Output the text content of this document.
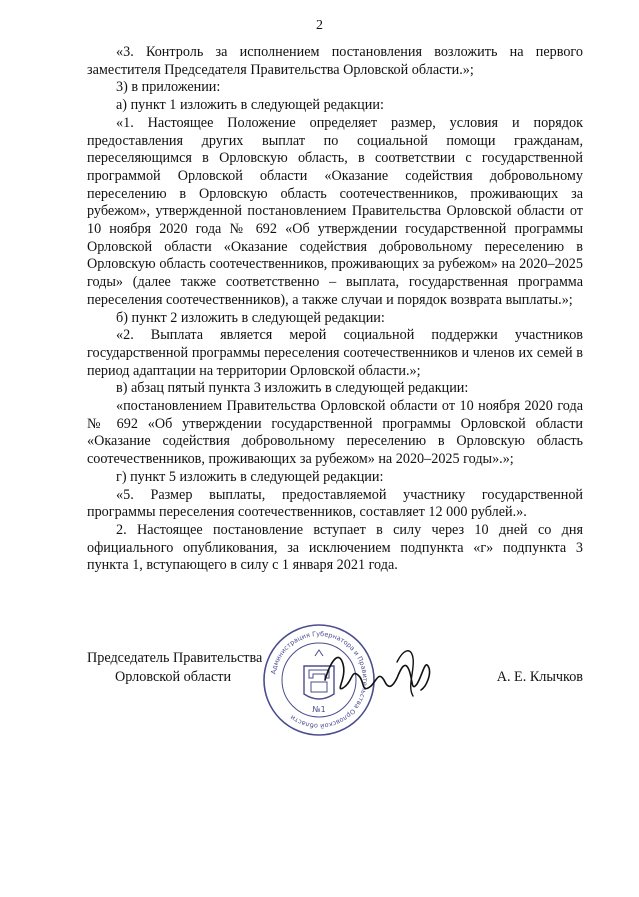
2

«3. Контроль за исполнением постановления возложить на первого заместителя Председателя Правительства Орловской области.»;

3) в приложении:

а) пункт 1 изложить в следующей редакции:

«1. Настоящее Положение определяет размер, условия и порядок предоставления других выплат по социальной помощи гражданам, переселяющимся в Орловскую область, в соответствии с государственной программой Орловской области «Оказание содействия добровольному переселению в Орловскую область соотечественников, проживающих за рубежом», утвержденной постановлением Правительства Орловской области от 10 ноября 2020 года № 692 «Об утверждении государственной программы Орловской области «Оказание содействия добровольному переселению в Орловскую область соотечественников, проживающих за рубежом» на 2020–2025 годы» (далее также соответственно – выплата, государственная программа переселения соотечественников), а также случаи и порядок возврата выплаты.»;

б) пункт 2 изложить в следующей редакции:

«2. Выплата является мерой социальной поддержки участников государственной программы переселения соотечественников и членов их семей в период адаптации на территории Орловской области.»;

в) абзац пятый пункта 3 изложить в следующей редакции:

«постановлением Правительства Орловской области от 10 ноября 2020 года № 692 «Об утверждении государственной программы Орловской области «Оказание содействия добровольному переселению в Орловскую область соотечественников, проживающих за рубежом» на 2020–2025 годы».»;

г) пункт 5 изложить в следующей редакции:

«5. Размер выплаты, предоставляемой участнику государственной программы переселения соотечественников, составляет 12 000 рублей.».

2. Настоящее постановление вступает в силу через 10 дней со дня официального опубликования, за исключением подпункта «г» подпункта 3 пункта 1, вступающего в силу с 1 января 2021 года.

Председатель Правительства
Орловской области	Администрация Губернатора и Правительства Орловской области
№1
А. Е. Клычков
